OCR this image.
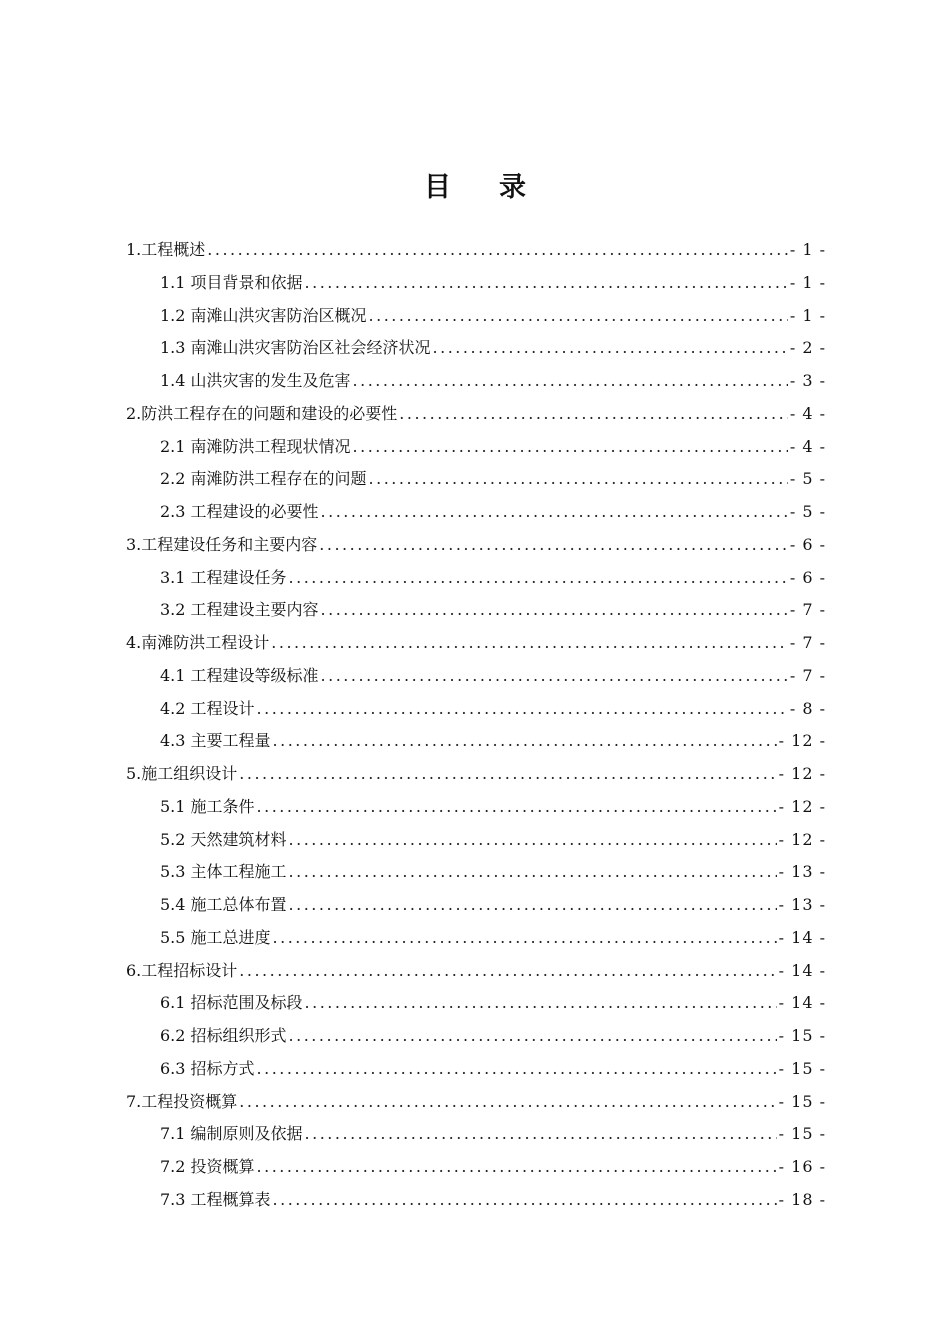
目录
1.工程概述 .....	- 1 -
1.1 项目背景和依据 .....	- 1 -
1.2 南滩山洪灾害防治区概况 .....	- 1 -
1.3 南滩山洪灾害防治区社会经济状况 .....	- 2 -
1.4 山洪灾害的发生及危害 .....	- 3 -
2.防洪工程存在的问题和建设的必要性 .....	- 4 -
2.1 南滩防洪工程现状情况 .....	- 4 -
2.2 南滩防洪工程存在的问题 .....	- 5 -
2.3 工程建设的必要性 .....	- 5 -
3.工程建设任务和主要内容 .....	- 6 -
3.1 工程建设任务 .....	- 6 -
3.2 工程建设主要内容 .....	- 7 -
4.南滩防洪工程设计 .....	- 7 -
4.1 工程建设等级标准 .....	- 7 -
4.2 工程设计 .....	- 8 -
4.3 主要工程量 .....	- 12 -
5.施工组织设计 .....	- 12 -
5.1 施工条件 .....	- 12 -
5.2 天然建筑材料 .....	- 12 -
5.3 主体工程施工 .....	- 13 -
5.4 施工总体布置 .....	- 13 -
5.5 施工总进度 .....	- 14 -
6.工程招标设计 .....	- 14 -
6.1 招标范围及标段 .....	- 14 -
6.2 招标组织形式 .....	- 15 -
6.3 招标方式 .....	- 15 -
7.工程投资概算 .....	- 15 -
7.1 编制原则及依据 .....	- 15 -
7.2 投资概算 .....	- 16 -
7.3 工程概算表 .....	- 18 -
